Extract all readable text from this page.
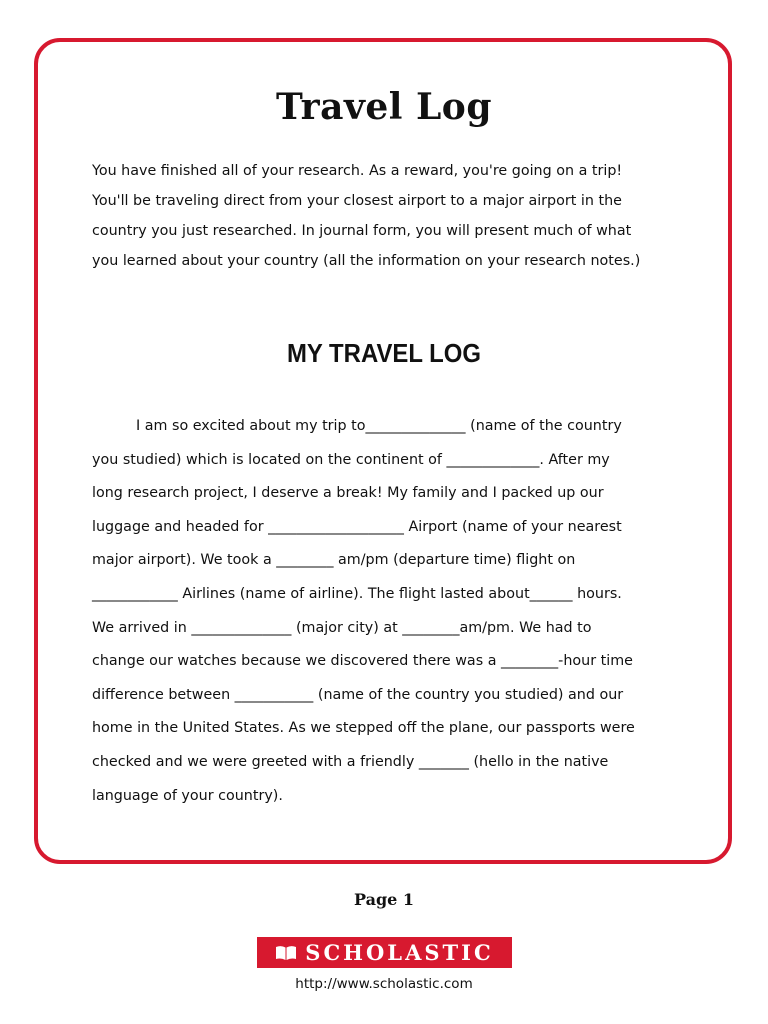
Travel Log
You have finished all of your research. As a reward, you're going on a trip!
You'll be traveling direct from your closest airport to a major airport in the
country you just researched. In journal form, you will present much of what
you learned about your country (all the information on your research notes.)
MY TRAVEL LOG
I am so excited about my trip to______________ (name of the country
you studied) which is located on the continent of _____________. After my
long research project, I deserve a break! My family and I packed up our
luggage and headed for ___________________ Airport (name of your nearest
major airport). We took a ________ am/pm (departure time) flight on
____________ Airlines (name of airline). The flight lasted about______ hours.
We arrived in ______________ (major city) at ________am/pm. We had to
change our watches because we discovered there was a ________-hour time
difference between ___________ (name of the country you studied) and our
home in the United States. As we stepped off the plane, our passports were
checked and we were greeted with a friendly _______ (hello in the native
language of your country).
Page 1
SCHOLASTIC
http://www.scholastic.com
